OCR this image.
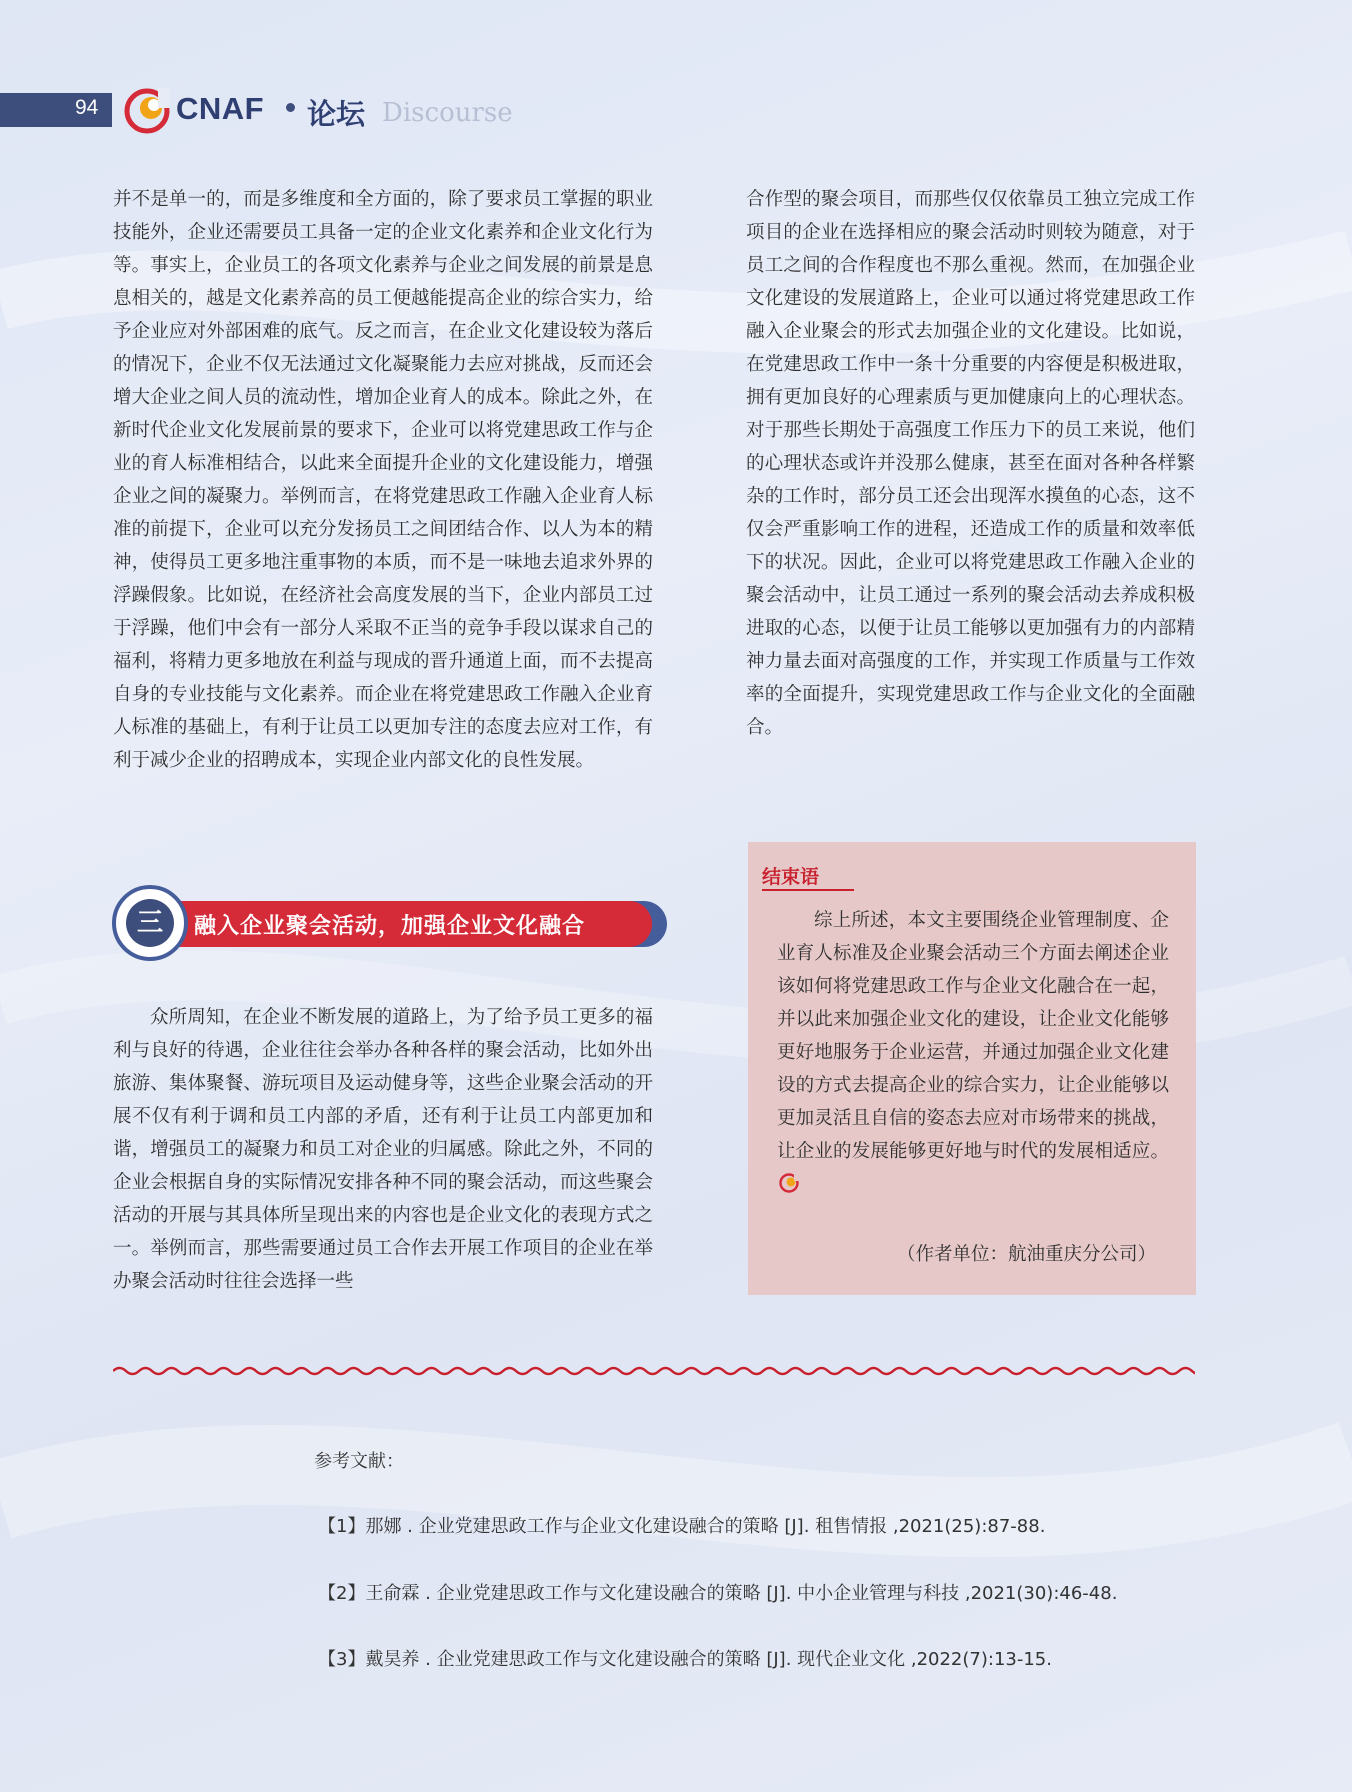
94	CNAF 论坛 Discourse

并不是单一的，而是多维度和全方面的，除了要求员工掌握的职业技能外，企业还需要员工具备一定的企业文化素养和企业文化行为等。事实上，企业员工的各项文化素养与企业之间发展的前景是息息相关的，越是文化素养高的员工便越能提高企业的综合实力，给予企业应对外部困难的底气。反之而言，在企业文化建设较为落后的情况下，企业不仅无法通过文化凝聚能力去应对挑战，反而还会增大企业之间人员的流动性，增加企业育人的成本。除此之外，在新时代企业文化发展前景的要求下，企业可以将党建思政工作与企业的育人标准相结合，以此来全面提升企业的文化建设能力，增强企业之间的凝聚力。举例而言，在将党建思政工作融入企业育人标准的前提下，企业可以充分发扬员工之间团结合作、以人为本的精神，使得员工更多地注重事物的本质，而不是一味地去追求外界的浮躁假象。比如说，在经济社会高度发展的当下，企业内部员工过于浮躁，他们中会有一部分人采取不正当的竞争手段以谋求自己的福利，将精力更多地放在利益与现成的晋升通道上面，而不去提高自身的专业技能与文化素养。而企业在将党建思政工作融入企业育人标准的基础上，有利于让员工以更加专注的态度去应对工作，有利于减少企业的招聘成本，实现企业内部文化的良性发展。

三	融入企业聚会活动，加强企业文化融合

众所周知，在企业不断发展的道路上，为了给予员工更多的福利与良好的待遇，企业往往会举办各种各样的聚会活动，比如外出旅游、集体聚餐、游玩项目及运动健身等，这些企业聚会活动的开展不仅有利于调和员工内部的矛盾，还有利于让员工内部更加和谐，增强员工的凝聚力和员工对企业的归属感。除此之外，不同的企业会根据自身的实际情况安排各种不同的聚会活动，而这些聚会活动的开展与其具体所呈现出来的内容也是企业文化的表现方式之一。举例而言，那些需要通过员工合作去开展工作项目的企业在举办聚会活动时往往会选择一些

合作型的聚会项目，而那些仅仅依靠员工独立完成工作项目的企业在选择相应的聚会活动时则较为随意，对于员工之间的合作程度也不那么重视。然而，在加强企业文化建设的发展道路上，企业可以通过将党建思政工作融入企业聚会的形式去加强企业的文化建设。比如说，在党建思政工作中一条十分重要的内容便是积极进取，拥有更加良好的心理素质与更加健康向上的心理状态。对于那些长期处于高强度工作压力下的员工来说，他们的心理状态或许并没那么健康，甚至在面对各种各样繁杂的工作时，部分员工还会出现浑水摸鱼的心态，这不仅会严重影响工作的进程，还造成工作的质量和效率低下的状况。因此，企业可以将党建思政工作融入企业的聚会活动中，让员工通过一系列的聚会活动去养成积极进取的心态，以便于让员工能够以更加强有力的内部精神力量去面对高强度的工作，并实现工作质量与工作效率的全面提升，实现党建思政工作与企业文化的全面融合。

结束语

综上所述，本文主要围绕企业管理制度、企业育人标准及企业聚会活动三个方面去阐述企业该如何将党建思政工作与企业文化融合在一起，并以此来加强企业文化的建设，让企业文化能够更好地服务于企业运营，并通过加强企业文化建设的方式去提高企业的综合实力，让企业能够以更加灵活且自信的姿态去应对市场带来的挑战，让企业的发展能够更好地与时代的发展相适应。

（作者单位：航油重庆分公司）
参考文献：
【1】那娜 . 企业党建思政工作与企业文化建设融合的策略 [J]. 租售情报 ,2021(25):87-88.
【2】王俞霖 . 企业党建思政工作与文化建设融合的策略 [J]. 中小企业管理与科技 ,2021(30):46-48.
【3】戴昊养 . 企业党建思政工作与文化建设融合的策略 [J]. 现代企业文化 ,2022(7):13-15.
